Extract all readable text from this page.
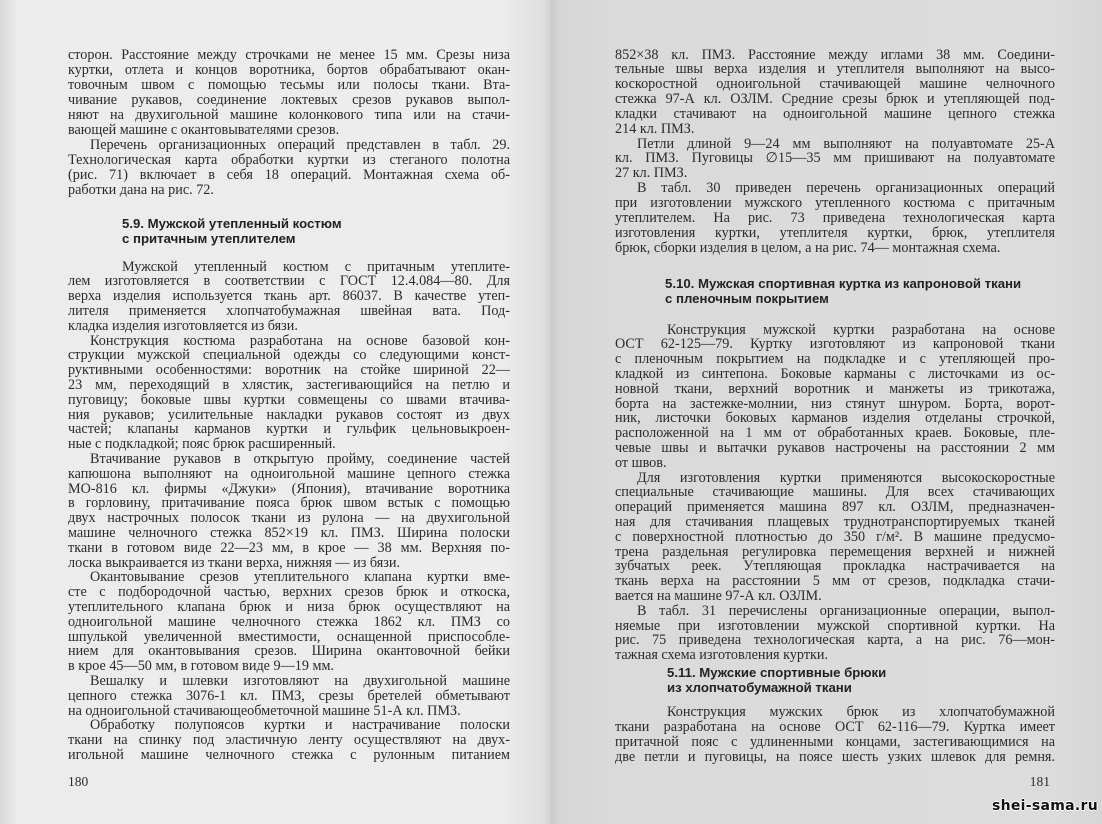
180
сторон. Расстояние между строчками не менее 15 мм. Срезы низа
куртки, отлета и концов воротника, бортов обрабатывают окан-
товочным швом с помощью тесьмы или полосы ткани. Вта-
чивание рукавов, соединение локтевых срезов рукавов выпол-
няют на двухигольной машине колонкового типа или на стачи-
вающей машине с окантовывателями срезов.
Перечень организационных операций представлен в табл. 29.
Технологическая карта обработки куртки из стеганого полотна
(рис. 71) включает в себя 18 операций. Монтажная схема об-
работки дана на рис. 72.
5.9. Мужской утепленный костюм
с притачным утеплителем
Мужской утепленный костюм с притачным утеплите-
лем изготовляется в соответствии с ГОСТ 12.4.084—80. Для
верха изделия используется ткань арт. 86037. В качестве утеп-
лителя применяется хлопчатобумажная швейная вата. Под-
кладка изделия изготовляется из бязи.
Конструкция костюма разработана на основе базовой кон-
струкции мужской специальной одежды со следующими конст-
руктивными особенностями: воротник на стойке шириной 22—
23 мм, переходящий в хлястик, застегивающийся на петлю и
пуговицу; боковые швы куртки совмещены со швами втачива-
ния рукавов; усилительные накладки рукавов состоят из двух
частей; клапаны карманов куртки и гульфик цельновыкроен-
ные с подкладкой; пояс брюк расширенный.
Втачивание рукавов в открытую пройму, соединение частей
капюшона выполняют на одноигольной машине цепного стежка
МО-816 кл. фирмы «Джуки» (Япония), втачивание воротника
в горловину, притачивание пояса брюк швом встык с помощью
двух настрочных полосок ткани из рулона — на двухигольной
машине челночного стежка 852×19 кл. ПМЗ. Ширина полоски
ткани в готовом виде 22—23 мм, в крое — 38 мм. Верхняя по-
лоска выкраивается из ткани верха, нижняя — из бязи.
Окантовывание срезов утеплительного клапана куртки вме-
сте с подбородочной частью, верхних срезов брюк и откоска,
утеплительного клапана брюк и низа брюк осуществляют на
одноигольной машине челночного стежка 1862 кл. ПМЗ со
шпулькой увеличенной вместимости, оснащенной приспособле-
нием для окантовывания срезов. Ширина окантовочной бейки
в крое 45—50 мм, в готовом виде 9—19 мм.
Вешалку и шлевки изготовляют на двухигольной машине
цепного стежка 3076-1 кл. ПМЗ, срезы бретелей обметывают
на одноигольной стачивающеобметочной машине 51-А кл. ПМЗ.
Обработку полупоясов куртки и настрачивание полоски
ткани на спинку под эластичную ленту осуществляют на двух-
игольной машине челночного стежка с рулонным питанием
181
852×38 кл. ПМЗ. Расстояние между иглами 38 мм. Соедини-
тельные швы верха изделия и утеплителя выполняют на высо-
коскоростной одноигольной стачивающей машине челночного
стежка 97-А кл. ОЗЛМ. Средние срезы брюк и утепляющей под-
кладки стачивают на одноигольной машине цепного стежка
214 кл. ПМЗ.
Петли длиной 9—24 мм выполняют на полуавтомате 25-А
кл. ПМЗ. Пуговицы ∅15—35 мм пришивают на полуавтомате
27 кл. ПМЗ.
В табл. 30 приведен перечень организационных операций
при изготовлении мужского утепленного костюма с притачным
утеплителем. На рис. 73 приведена технологическая карта
изготовления куртки, утеплителя куртки, брюк, утеплителя
брюк, сборки изделия в целом, а на рис. 74— монтажная схема.
5.10. Мужская спортивная куртка из капроновой ткани
с пленочным покрытием
Конструкция мужской куртки разработана на основе
ОСТ 62-125—79. Куртку изготовляют из капроновой ткани
с пленочным покрытием на подкладке и с утепляющей про-
кладкой из синтепона. Боковые карманы с листочками из ос-
новной ткани, верхний воротник и манжеты из трикотажа,
борта на застежке-молнии, низ стянут шнуром. Борта, ворот-
ник, листочки боковых карманов изделия отделаны строчкой,
расположенной на 1 мм от обработанных краев. Боковые, пле-
чевые швы и вытачки рукавов настрочены на расстоянии 2 мм
от швов.
Для изготовления куртки применяются высокоскоростные
специальные стачивающие машины. Для всех стачивающих
операций применяется машина 897 кл. ОЗЛМ, предназначен-
ная для стачивания плащевых труднотранспортируемых тканей
с поверхностной плотностью до 350 г/м². В машине предусмо-
трена раздельная регулировка перемещения верхней и нижней
зубчатых реек. Утепляющая прокладка настрачивается на
ткань верха на расстоянии 5 мм от срезов, подкладка стачи-
вается на машине 97-А кл. ОЗЛМ.
В табл. 31 перечислены организационные операции, выпол-
няемые при изготовлении мужской спортивной куртки. На
рис. 75 приведена технологическая карта, а на рис. 76—мон-
тажная схема изготовления куртки.
5.11. Мужские спортивные брюки
из хлопчатобумажной ткани
Конструкция мужских брюк из хлопчатобумажной
ткани разработана на основе ОСТ 62-116—79. Куртка имеет
притачной пояс с удлиненными концами, застегивающимися на
две петли и пуговицы, на поясе шесть узких шлевок для ремня.
shei-sama.ru
